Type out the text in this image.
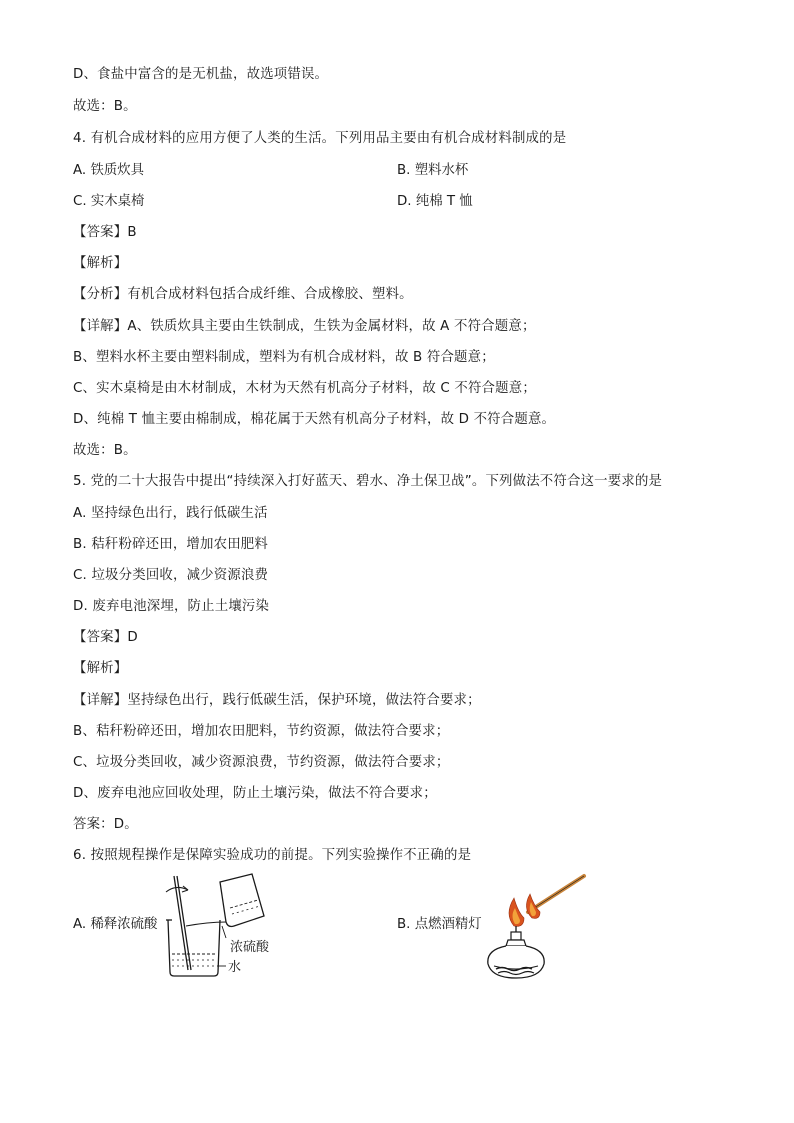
D、食盐中富含的是无机盐，故选项错误。
故选：B。
4. 有机合成材料的应用方便了人类的生活。下列用品主要由有机合成材料制成的是
A. 铁质炊具	B. 塑料水杯
C. 实木桌椅	D. 纯棉 T 恤
【答案】B
【解析】
【分析】有机合成材料包括合成纤维、合成橡胶、塑料。
【详解】A、铁质炊具主要由生铁制成，生铁为金属材料，故 A 不符合题意；
B、塑料水杯主要由塑料制成，塑料为有机合成材料，故 B 符合题意；
C、实木桌椅是由木材制成，木材为天然有机高分子材料，故 C 不符合题意；
D、纯棉 T 恤主要由棉制成，棉花属于天然有机高分子材料，故 D 不符合题意。
故选：B。
5. 党的二十大报告中提出“持续深入打好蓝天、碧水、净土保卫战”。下列做法不符合这一要求的是
A. 坚持绿色出行，践行低碳生活
B. 秸秆粉碎还田，增加农田肥料
C. 垃圾分类回收，减少资源浪费
D. 废弃电池深埋，防止土壤污染
【答案】D
【解析】
【详解】坚持绿色出行，践行低碳生活，保护环境，做法符合要求；
B、秸秆粉碎还田，增加农田肥料，节约资源，做法符合要求；
C、垃圾分类回收，减少资源浪费，节约资源，做法符合要求；
D、废弃电池应回收处理，防止土壤污染，做法不符合要求；
答案：D。
6. 按照规程操作是保障实验成功的前提。下列实验操作不正确的是
A. 稀释浓硫酸	B. 点燃酒精灯
浓硫酸
水
